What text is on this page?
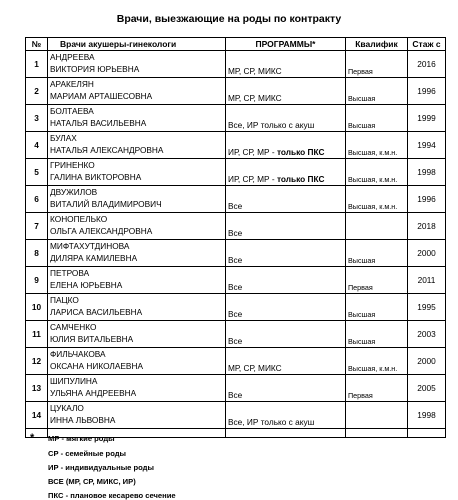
Врачи, выезжающие на роды по контракту
№	Врачи акушеры-гинекологи	ПРОГРАММЫ*	Квалифик	Стаж с
1	АНДРЕЕВА
ВИКТОРИЯ ЮРЬЕВНА	МР, СР, МИКС	Первая	2016
2	АРАКЕЛЯН
МАРИАМ АРТАШЕСОВНА	МР, СР, МИКС	Высшая	1996
3	БОЛТАЕВА
НАТАЛЬЯ ВАСИЛЬЕВНА	Все, ИР только с акуш	Высшая	1999
4	БУЛАХ
НАТАЛЬЯ АЛЕКСАНДРОВНА	ИР, СР, МР - только ПКС	Высшая, к.м.н.	1994
5	ГРИНЕНКО
ГАЛИНА ВИКТОРОВНА	ИР, СР, МР - только ПКС	Высшая, к.м.н.	1998
6	ДВУЖИЛОВ
ВИТАЛИЙ ВЛАДИМИРОВИЧ	Все	Высшая, к.м.н.	1996
7	КОНОПЕЛЬКО
ОЛЬГА АЛЕКСАНДРОВНА	Все		2018
8	МИФТАХУТДИНОВА
ДИЛЯРА КАМИЛЕВНА	Все	Высшая	2000
9	ПЕТРОВА
ЕЛЕНА ЮРЬЕВНА	Все	Первая	2011
10	ПАЦКО
ЛАРИСА ВАСИЛЬЕВНА	Все	Высшая	1995
11	САМЧЕНКО
ЮЛИЯ ВИТАЛЬЕВНА	Все	Высшая	2003
12	ФИЛЬЧАКОВА
ОКСАНА НИКОЛАЕВНА	МР, СР, МИКС	Высшая, к.м.н.	2000
13	ШИПУЛИНА
УЛЬЯНА АНДРЕЕВНА	Все	Первая	2005
14	ЦУКАЛО
ИННА ЛЬВОВНА	Все, ИР только с акуш		1998

* МР - мягкие роды
СР - семейные роды
ИР - индивидуальные роды
ВСЕ (МР, СР, МИКС, ИР)
ПКС - плановое кесарево сечение
